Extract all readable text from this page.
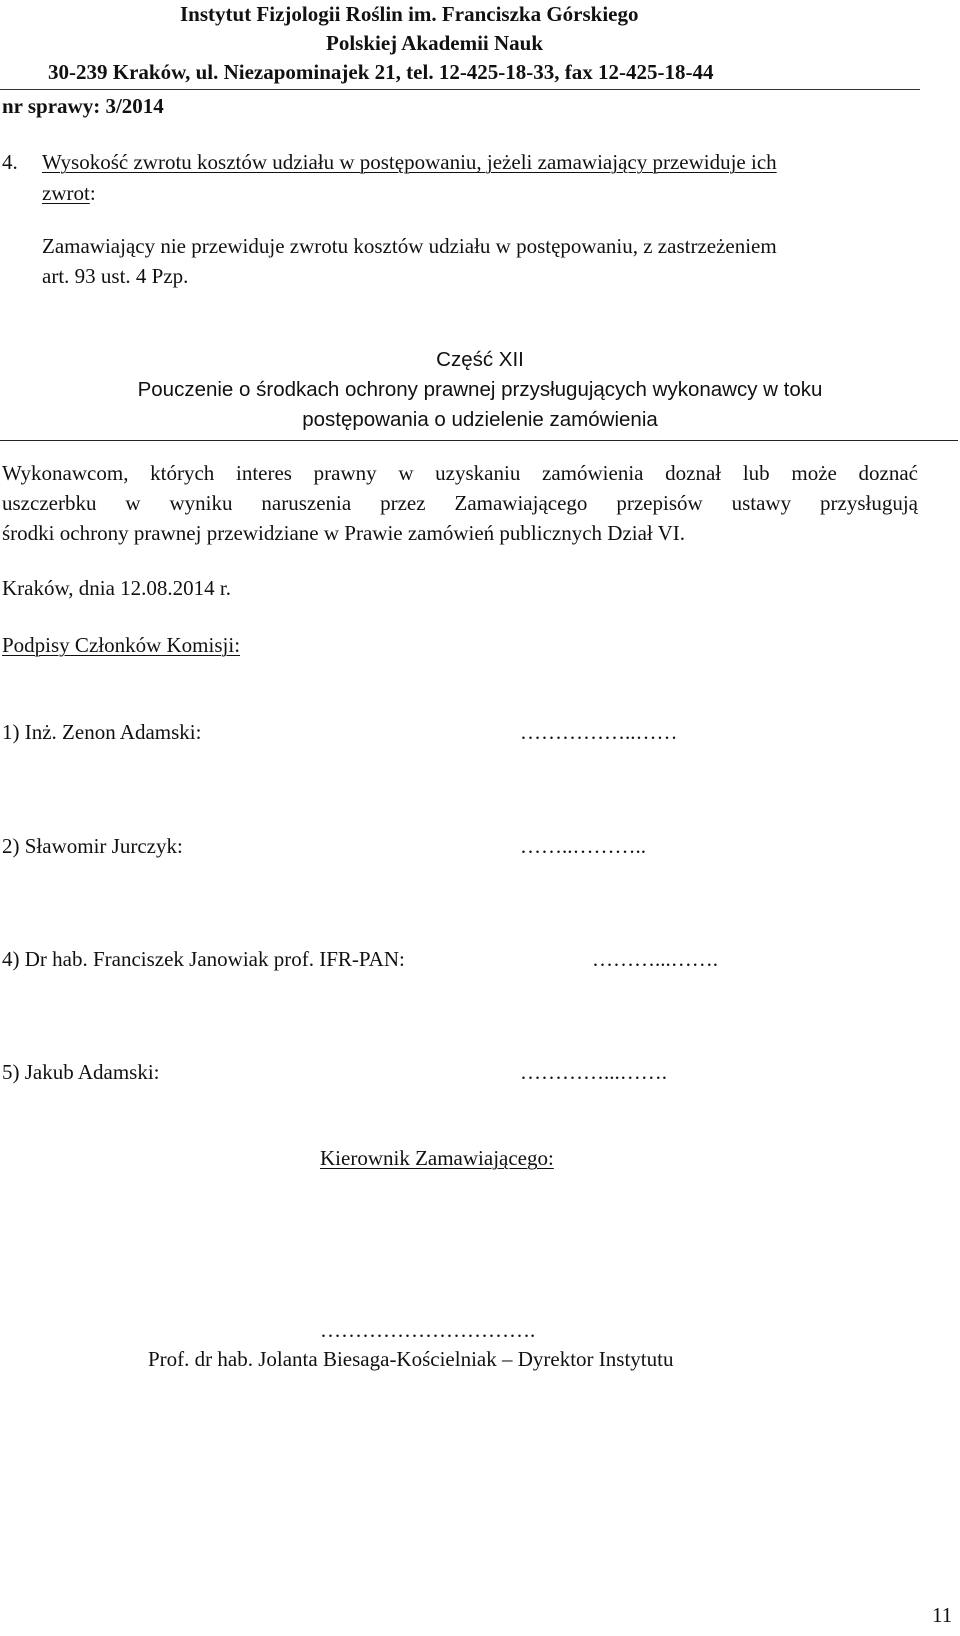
Instytut Fizjologii Roślin im. Franciszka Górskiego
Polskiej Akademii Nauk
30-239 Kraków, ul. Niezapominajek 21, tel. 12-425-18-33, fax 12-425-18-44
nr sprawy: 3/2014
4. Wysokość zwrotu kosztów udziału w postępowaniu, jeżeli zamawiający przewiduje ich
zwrot:
Zamawiający nie przewiduje zwrotu kosztów udziału w postępowaniu, z zastrzeżeniem
art. 93 ust. 4 Pzp.
Część XII
Pouczenie o środkach ochrony prawnej przysługujących wykonawcy w toku
postępowania o udzielenie zamówienia
Wykonawcom, których interes prawny w uzyskaniu zamówienia doznał lub może doznać
uszczerbku w wyniku naruszenia przez Zamawiającego przepisów ustawy przysługują
środki ochrony prawnej przewidziane w Prawie zamówień publicznych Dział VI.
Kraków, dnia 12.08.2014 r.
Podpisy Członków Komisji:
1) Inż. Zenon Adamski:	……………..……
2) Sławomir Jurczyk:	……..………..
4) Dr hab. Franciszek Janowiak prof. IFR-PAN:	………...…….
5) Jakub Adamski:	…………...…….
Kierownik Zamawiającego:
………………………….
Prof. dr hab. Jolanta Biesaga-Kościelniak – Dyrektor Instytutu
11
